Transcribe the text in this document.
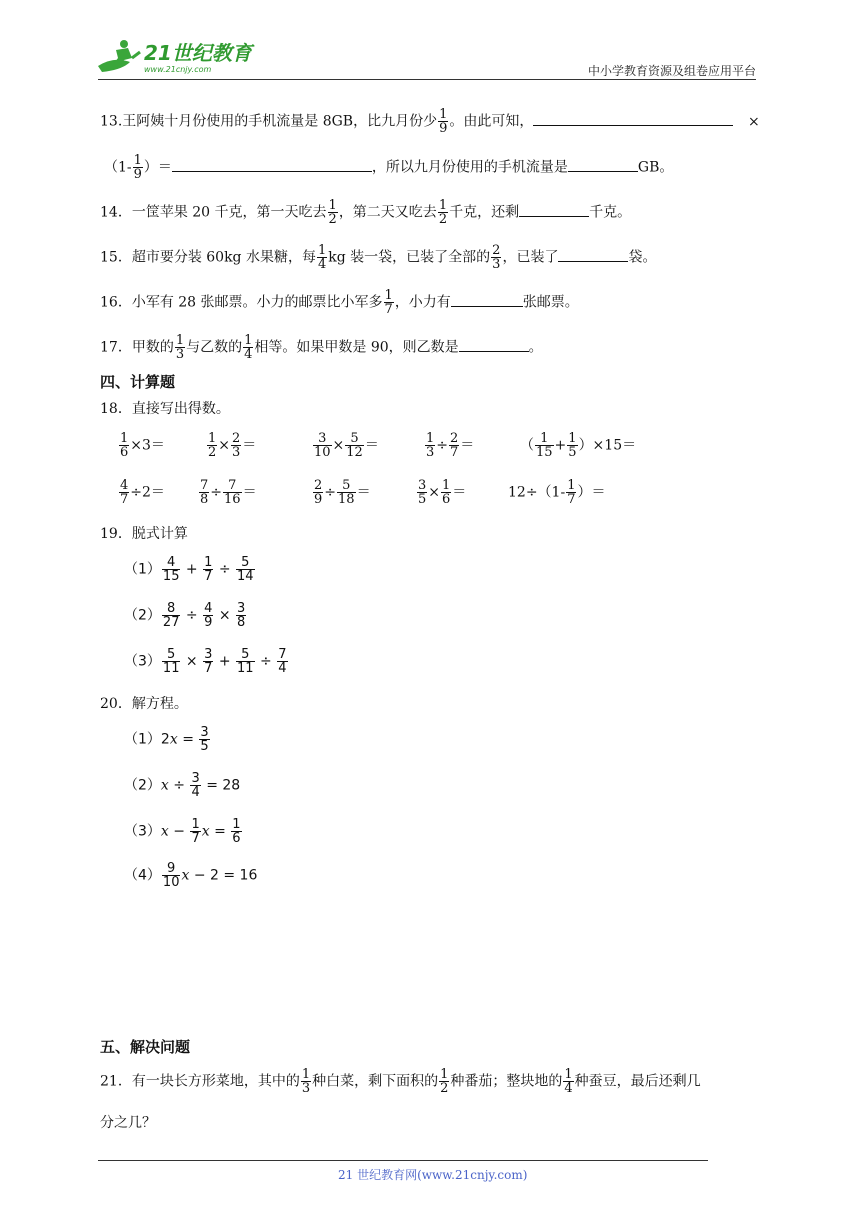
21世纪教育
www.21cnjy.com	中小学教育资源及组卷应用平台
13.王阿姨十月份使用的手机流量是 8GB，比九月份少 $\frac{1}{9}$ 。由此可知，	×
（$1- \frac{1}{9}$ ）＝	，所以九月份使用的手机流量是	GB。
14．一筐苹果 20 千克，第一天吃去 $\frac{1}{2}$ ，第二天又吃去 $\frac{1}{2}$ 千克，还剩	千克。
15．超市要分装 60kg 水果糖，每 $\frac{1}{4}$ kg 装一袋，已装了全部的 $\frac{2}{3}$ ，已装了	袋。
16．小军有 28 张邮票。小力的邮票比小军多 $\frac{1}{7}$ ，小力有	张邮票。
17．甲数的 $\frac{1}{3}$ 与乙数的 $\frac{1}{4}$ 相等。如果甲数是 90，则乙数是	。
四、计算题
18．直接写出得数。
$\frac{1}{6} \times 3=$	$\frac{1}{2} \times \frac{2}{3}$ ＝	$\frac{3}{10} \times \frac{5}{12}$ ＝	$\frac{1}{3} \div \frac{2}{7}$ ＝	（ $\frac{1}{15} + \frac{1}{5} )\times 15=$
$\frac{4}{7} \div 2=$	$\frac{7}{8} \div \frac{7}{16}$ ＝	$\frac{2}{9} \div \frac{5}{18}$ ＝	$\frac{3}{5} \times \frac{1}{6}$ ＝	$12\div(1- \frac{1}{7}$ ）＝
19．脱式计算
$(1) \frac{4}{15} + \frac{1}{7} \div \frac{5}{14}$
$(2) \frac{8}{27} \div \frac{4}{9} \times \frac{3}{8}$
$(3) \frac{5}{11} \times \frac{3}{7} + \frac{5}{11} \div \frac{7}{4}$
20．解方程。
$(1)2x = \frac{3}{5}$
$(2)x \div \frac{3}{4} = 28$
$(3)x - \frac{1}{7}$ $x = \frac{1}{6}$
$(4) \frac{9}{10}$ x − 2 = 16
五、解决问题
21．有一块长方形菜地，其中的 $\frac{1}{3}$ 种白菜，剩下面积的 $\frac{1}{2}$ 种番茄；整块地的 $\frac{1}{4}$ 种蚕豆，最后还剩几
分之几？
21 世纪教育网(www.21cnjy.com)
